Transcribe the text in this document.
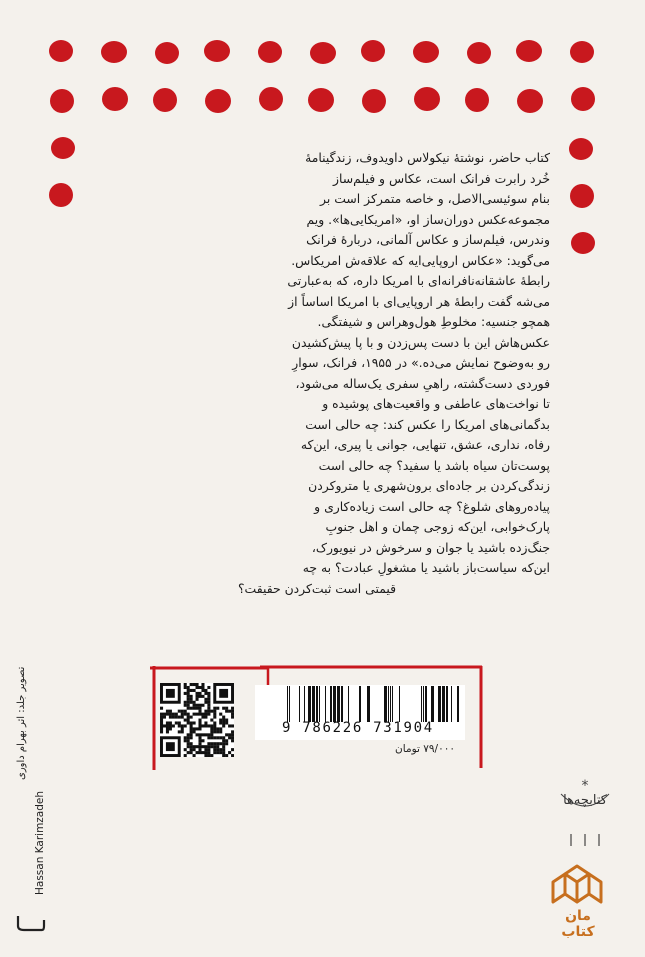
کتاب حاضر، نوشتهٔ نیکولاس داویدوف، زندگینامهٔ
خُرد رابرت فرانک است، عکاس و فیلم‌ساز
بنام سوئیسی‌الاصل، و خاصه متمرکز است بر
مجموعه‌عکس دوران‌ساز او، «امریکایی‌ها». ویم
وندرس، فیلم‌ساز و عکاس آلمانی، دربارهٔ فرانک
می‌گوید: «عکاس اروپایی‌ایه که علاقه‌ش امریکاس.
رابطهٔ عاشقانه‌نافرانه‌ای با امریکا داره، که به‌عبارتی
می‌شه گفت رابطهٔ هر اروپایی‌ای با امریکا اساساً از
همچو جنسیه: مخلوطِ هول‌وهراس و شیفتگی.
عکس‌هاش این با دست پس‌زدن و با پا پیش‌کشیدن
رو به‌وضوح نمایش می‌ده.» در ۱۹۵۵، فرانک، سوارِ
فوردی دست‌گشته، راهیِ سفری یک‌ساله می‌شود،
تا نواخت‌های عاطفی و واقعیت‌های پوشیده و
بدگمانی‌های امریکا را عکس کند: چه حالی است
رفاه، نداری، عشق، تنهایی، جوانی یا پیری، این‌که
پوست‌تان سیاه باشد یا سفید؟ چه حالی است
زندگی‌کردن بر جاده‌ای برون‌شهری یا متروکردن
پیاده‌روهای شلوغ؟ چه حالی است زیاده‌کاری و
پارک‌خوابی، این‌که زوجی چمان و اهل جنوبِ
جنگ‌زده باشید یا جوان و سرخوش در نیویورک،
این‌که سیاست‌باز باشید یا مشغولِ عبادت؟ به چه
قیمتی است ثبت‌کردن حقیقت؟
9 786226 731904
۷۹/۰۰۰ تومان
تصویر جلد: اثر بهرام داوری
Hassan Karimzadeh
*
کتابچه‌ها
مان
کتاب
